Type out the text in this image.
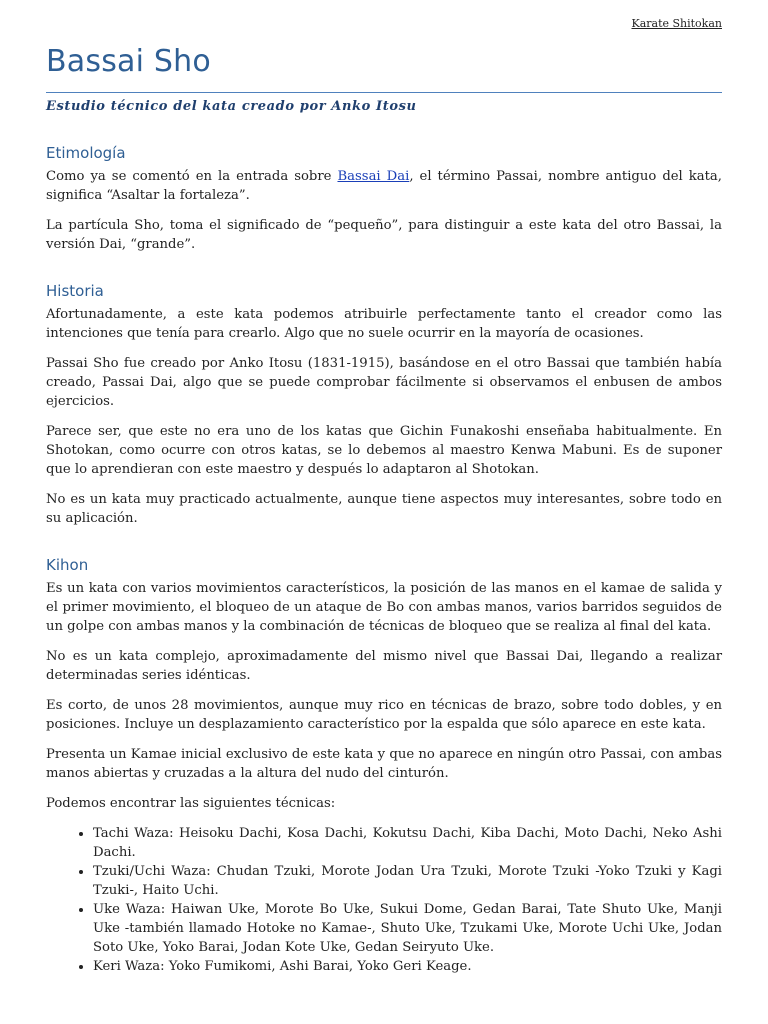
Karate Shitokan
Bassai Sho
Estudio técnico del kata creado por Anko Itosu
Etimología

Como ya se comentó en la entrada sobre Bassai Dai, el término Passai, nombre antiguo del kata, significa “Asaltar la fortaleza”.

La partícula Sho, toma el significado de “pequeño”, para distinguir a este kata del otro Bassai, la versión Dai, “grande”.

Historia

Afortunadamente, a este kata podemos atribuirle perfectamente tanto el creador como las intenciones que tenía para crearlo. Algo que no suele ocurrir en la mayoría de ocasiones.

Passai Sho fue creado por Anko Itosu (1831-1915), basándose en el otro Bassai que también había creado, Passai Dai, algo que se puede comprobar fácilmente si observamos el enbusen de ambos ejercicios.

Parece ser, que este no era uno de los katas que Gichin Funakoshi enseñaba habitualmente. En Shotokan, como ocurre con otros katas, se lo debemos al maestro Kenwa Mabuni. Es de suponer que lo aprendieran con este maestro y después lo adaptaron al Shotokan.

No es un kata muy practicado actualmente, aunque tiene aspectos muy interesantes, sobre todo en su aplicación.

Kihon

Es un kata con varios movimientos característicos, la posición de las manos en el kamae de salida y el primer movimiento, el bloqueo de un ataque de Bo con ambas manos, varios barridos seguidos de un golpe con ambas manos y la combinación de técnicas de bloqueo que se realiza al final del kata.

No es un kata complejo, aproximadamente del mismo nivel que Bassai Dai, llegando a realizar determinadas series idénticas.

Es corto, de unos 28 movimientos, aunque muy rico en técnicas de brazo, sobre todo dobles, y en posiciones. Incluye un desplazamiento característico por la espalda que sólo aparece en este kata.

Presenta un Kamae inicial exclusivo de este kata y que no aparece en ningún otro Passai, con ambas manos abiertas y cruzadas a la altura del nudo del cinturón.

Podemos encontrar las siguientes técnicas:

• Tachi Waza: Heisoku Dachi, Kosa Dachi, Kokutsu Dachi, Kiba Dachi, Moto Dachi, Neko Ashi Dachi.
• Tzuki/Uchi Waza: Chudan Tzuki, Morote Jodan Ura Tzuki, Morote Tzuki -Yoko Tzuki y Kagi Tzuki-, Haito Uchi.
• Uke Waza: Haiwan Uke, Morote Bo Uke, Sukui Dome, Gedan Barai, Tate Shuto Uke, Manji Uke -también llamado Hotoke no Kamae-, Shuto Uke, Tzukami Uke, Morote Uchi Uke, Jodan Soto Uke, Yoko Barai, Jodan Kote Uke, Gedan Seiryuto Uke.
• Keri Waza: Yoko Fumikomi, Ashi Barai, Yoko Geri Keage.
